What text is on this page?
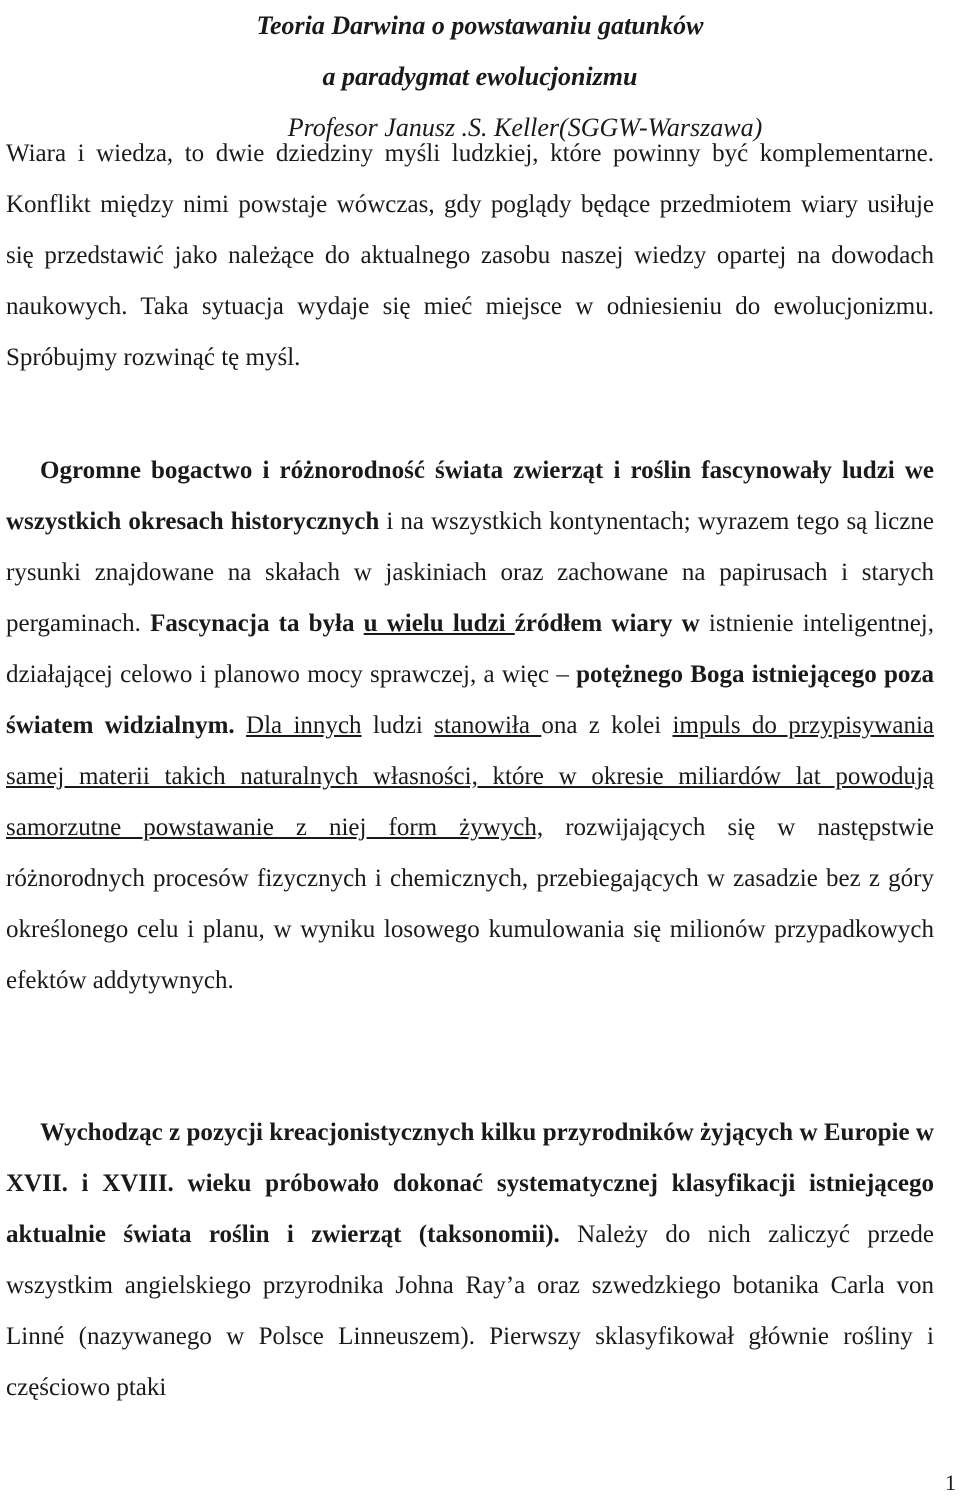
Teoria Darwina o powstawaniu gatunków

a paradygmat ewolucjonizmu

Profesor Janusz .S. Keller(SGGW-Warszawa)

Wiara i wiedza, to dwie dziedziny myśli ludzkiej, które powinny być komplementarne. Konflikt między nimi powstaje wówczas, gdy poglądy będące przedmiotem wiary usiłuje się przedstawić jako należące do aktualnego zasobu naszej wiedzy opartej na dowodach naukowych. Taka sytuacja wydaje się mieć miejsce w odniesieniu do ewolucjonizmu. Spróbujmy rozwinąć tę myśl.

Ogromne bogactwo i różnorodność świata zwierząt i roślin fascynowały ludzi we wszystkich okresach historycznych i na wszystkich kontynentach; wyrazem tego są liczne rysunki znajdowane na skałach w jaskiniach oraz zachowane na papirusach i starych pergaminach. Fascynacja ta była u wielu ludzi źródłem wiary w istnienie inteligentnej, działającej celowo i planowo mocy sprawczej, a więc – potężnego Boga istniejącego poza światem widzialnym. Dla innych ludzi stanowiła ona z kolei impuls do przypisywania samej materii takich naturalnych własności, które w okresie miliardów lat powodują samorzutne powstawanie z niej form żywych, rozwijających się w następstwie różnorodnych procesów fizycznych i chemicznych, przebiegających w zasadzie bez z góry określonego celu i planu, w wyniku losowego kumulowania się milionów przypadkowych efektów addytywnych.

Wychodząc z pozycji kreacjonistycznych kilku przyrodników żyjących w Europie w XVII. i XVIII. wieku próbowało dokonać systematycznej klasyfikacji istniejącego aktualnie świata roślin i zwierząt (taksonomii). Należy do nich zaliczyć przede wszystkim angielskiego przyrodnika Johna Ray’a oraz szwedzkiego botanika Carla von Linné (nazywanego w Polsce Linneuszem). Pierwszy sklasyfikował głównie rośliny i częściowo ptaki

1
